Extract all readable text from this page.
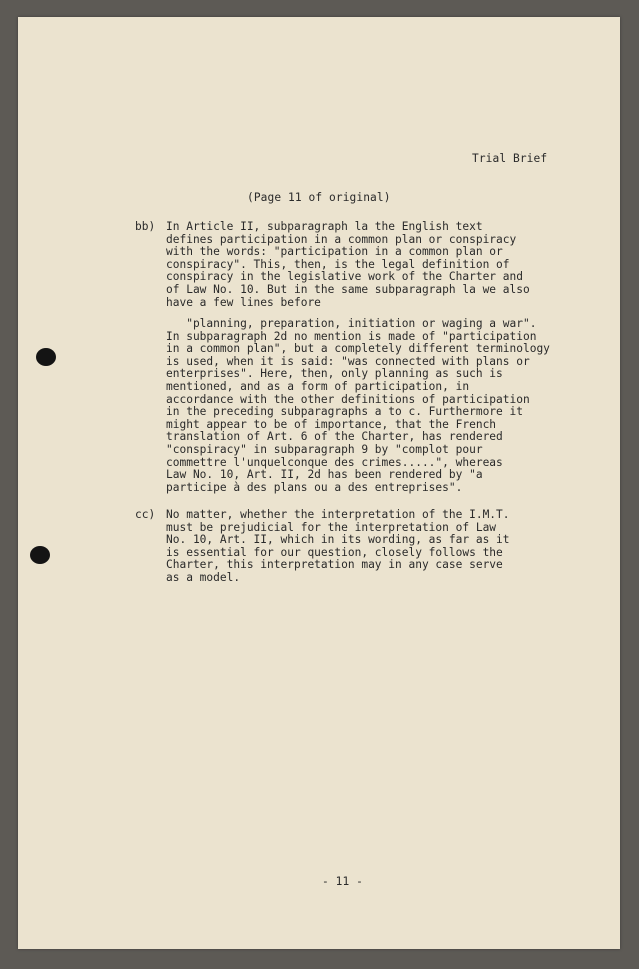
Trial Brief
(Page 11 of original)
bb) In Article II, subparagraph la the English text
defines participation in a common plan or conspiracy
with the words: "participation in a common plan or
conspiracy". This, then, is the legal definition of
conspiracy in the legislative work of the Charter and
of Law No. 10. But in the same subparagraph la we also
have a few lines before
"planning, preparation, initiation or waging a war".
In subparagraph 2d no mention is made of "participation
in a common plan", but a completely different terminology
is used, when it is said: "was connected with plans or
enterprises". Here, then, only planning as such is
mentioned, and as a form of participation, in
accordance with the other definitions of participation
in the preceding subparagraphs a to c. Furthermore it
might appear to be of importance, that the French
translation of Art. 6 of the Charter, has rendered
"conspiracy" in subparagraph 9 by "complot pour
commettre l'unquelconque des crimes.....", whereas
Law No. 10, Art. II, 2d has been rendered by "a
participe à des plans ou a des entreprises".
cc) No matter, whether the interpretation of the I.M.T.
must be prejudicial for the interpretation of Law
No. 10, Art. II, which in its wording, as far as it
is essential for our question, closely follows the
Charter, this interpretation may in any case serve
as a model.
- 11 -
